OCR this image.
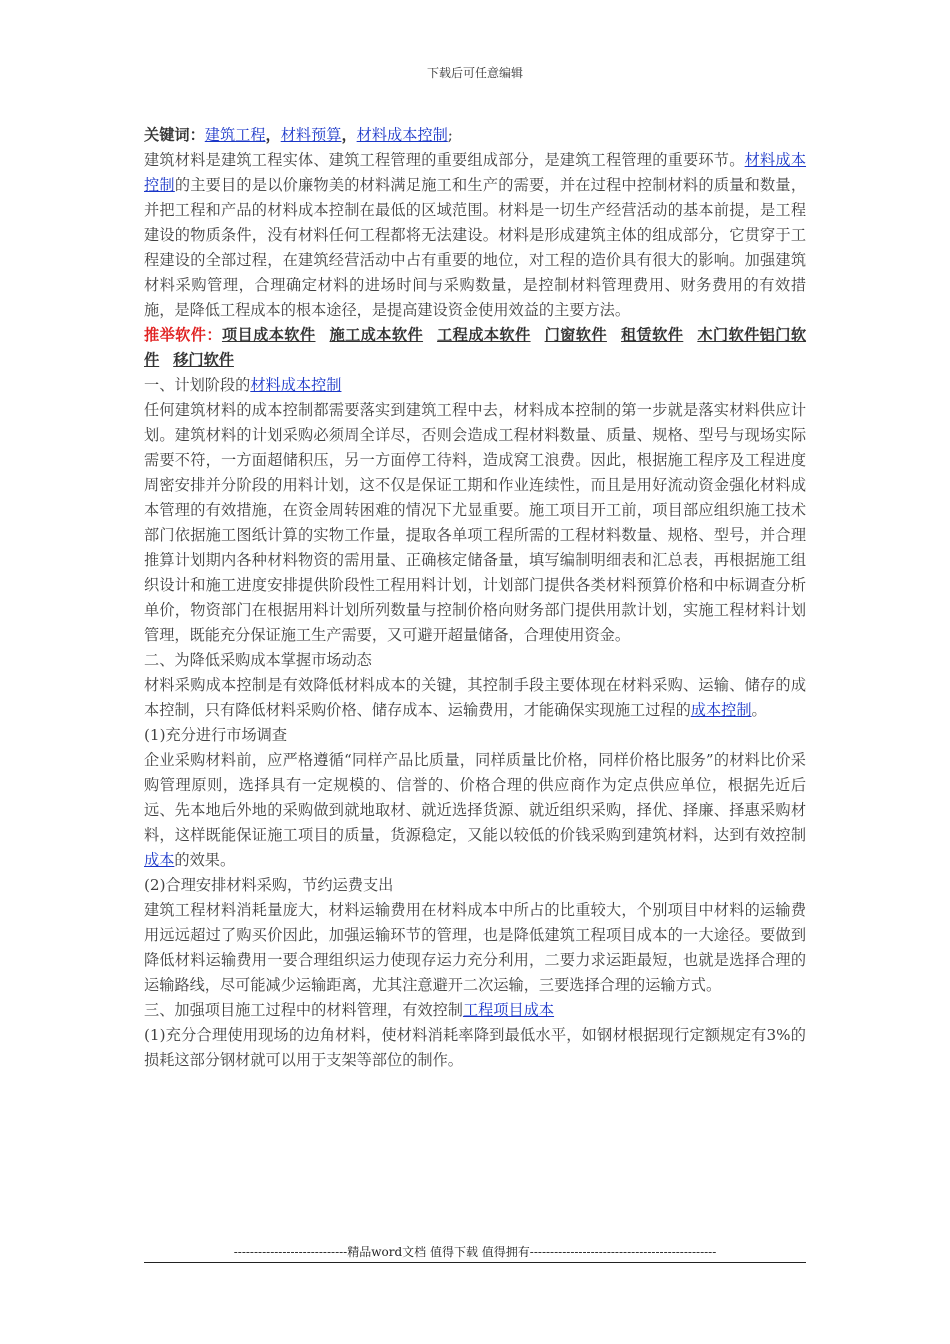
下载后可任意编辑

关键词：建筑工程，材料预算，材料成本控制;

建筑材料是建筑工程实体、建筑工程管理的重要组成部分，是建筑工程管理的重要环节。材料成本控制的主要目的是以价廉物美的材料满足施工和生产的需要，并在过程中控制材料的质量和数量，并把工程和产品的材料成本控制在最低的区域范围。材料是一切生产经营活动的基本前提，是工程建设的物质条件，没有材料任何工程都将无法建设。材料是形成建筑主体的组成部分，它贯穿于工程建设的全部过程，在建筑经营活动中占有重要的地位，对工程的造价具有很大的影响。加强建筑材料采购管理，合理确定材料的进场时间与采购数量，是控制材料管理费用、财务费用的有效措施，是降低工程成本的根本途径，是提高建设资金使用效益的主要方法。

推举软件：项目成本软件 施工成本软件 工程成本软件 门窗软件 租赁软件 木门软件铝门软件 移门软件

一、计划阶段的材料成本控制

任何建筑材料的成本控制都需要落实到建筑工程中去，材料成本控制的第一步就是落实材料供应计划。建筑材料的计划采购必须周全详尽，否则会造成工程材料数量、质量、规格、型号与现场实际需要不符，一方面超储积压，另一方面停工待料，造成窝工浪费。因此，根据施工程序及工程进度周密安排并分阶段的用料计划，这不仅是保证工期和作业连续性，而且是用好流动资金强化材料成本管理的有效措施，在资金周转困难的情况下尤显重要。施工项目开工前，项目部应组织施工技术部门依据施工图纸计算的实物工作量，提取各单项工程所需的工程材料数量、规格、型号，并合理推算计划期内各种材料物资的需用量、正确核定储备量，填写编制明细表和汇总表，再根据施工组织设计和施工进度安排提供阶段性工程用料计划，计划部门提供各类材料预算价格和中标调查分析单价，物资部门在根据用料计划所列数量与控制价格向财务部门提供用款计划，实施工程材料计划管理，既能充分保证施工生产需要，又可避开超量储备，合理使用资金。

二、为降低采购成本掌握市场动态

材料采购成本控制是有效降低材料成本的关键，其控制手段主要体现在材料采购、运输、储存的成本控制，只有降低材料采购价格、储存成本、运输费用，才能确保实现施工过程的成本控制。

(1)充分进行市场调查

企业采购材料前，应严格遵循“同样产品比质量，同样质量比价格，同样价格比服务”的材料比价采购管理原则，选择具有一定规模的、信誉的、价格合理的供应商作为定点供应单位，根据先近后远、先本地后外地的采购做到就地取材、就近选择货源、就近组织采购，择优、择廉、择惠采购材料，这样既能保证施工项目的质量，货源稳定，又能以较低的价钱采购到建筑材料，达到有效控制成本的效果。

(2)合理安排材料采购，节约运费支出

建筑工程材料消耗量庞大，材料运输费用在材料成本中所占的比重较大，个别项目中材料的运输费用远远超过了购买价因此，加强运输环节的管理，也是降低建筑工程项目成本的一大途径。要做到降低材料运输费用一要合理组织运力使现存运力充分利用，二要力求运距最短，也就是选择合理的运输路线，尽可能减少运输距离，尤其注意避开二次运输，三要选择合理的运输方式。

三、加强项目施工过程中的材料管理，有效控制工程项目成本

(1)充分合理使用现场的边角材料，使材料消耗率降到最低水平，如钢材根据现行定额规定有3%的损耗这部分钢材就可以用于支架等部位的制作。

----------------------------精品word文档 值得下载 值得拥有----------------------------------------------
